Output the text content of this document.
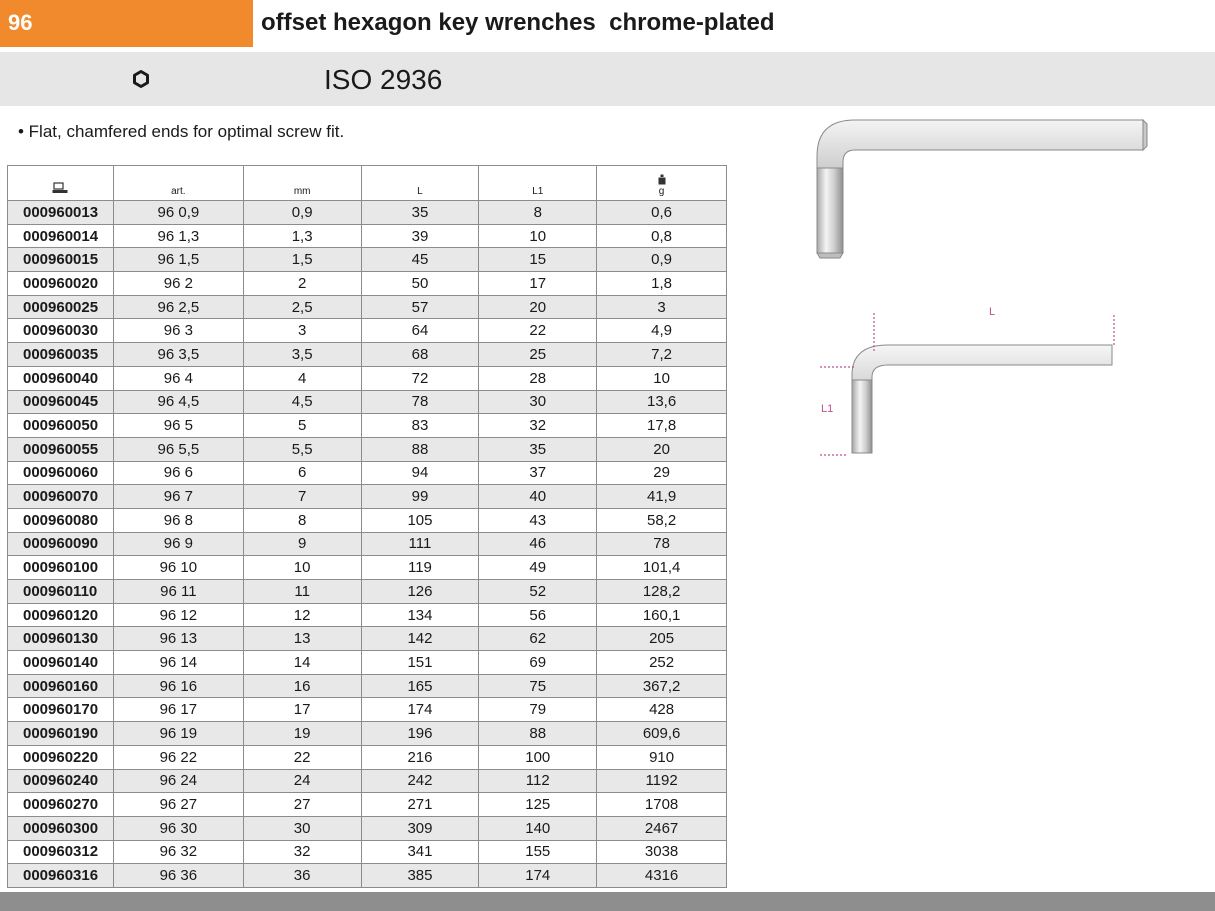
96	offset hexagon key wrenches  chrome-plated
ISO 2936
• Flat, chamfered ends for optimal screw fit.
	art.	mm	L	L1	g
000960013	96 0,9	0,9	35	8	0,6
000960014	96 1,3	1,3	39	10	0,8
000960015	96 1,5	1,5	45	15	0,9
000960020	96 2	2	50	17	1,8
000960025	96 2,5	2,5	57	20	3
000960030	96 3	3	64	22	4,9
000960035	96 3,5	3,5	68	25	7,2
000960040	96 4	4	72	28	10
000960045	96 4,5	4,5	78	30	13,6
000960050	96 5	5	83	32	17,8
000960055	96 5,5	5,5	88	35	20
000960060	96 6	6	94	37	29
000960070	96 7	7	99	40	41,9
000960080	96 8	8	105	43	58,2
000960090	96 9	9	111	46	78
000960100	96 10	10	119	49	101,4
000960110	96 11	11	126	52	128,2
000960120	96 12	12	134	56	160,1
000960130	96 13	13	142	62	205
000960140	96 14	14	151	69	252
000960160	96 16	16	165	75	367,2
000960170	96 17	17	174	79	428
000960190	96 19	19	196	88	609,6
000960220	96 22	22	216	100	910
000960240	96 24	24	242	112	1192
000960270	96 27	27	271	125	1708
000960300	96 30	30	309	140	2467
000960312	96 32	32	341	155	3038
000960316	96 36	36	385	174	4316
L
L1
